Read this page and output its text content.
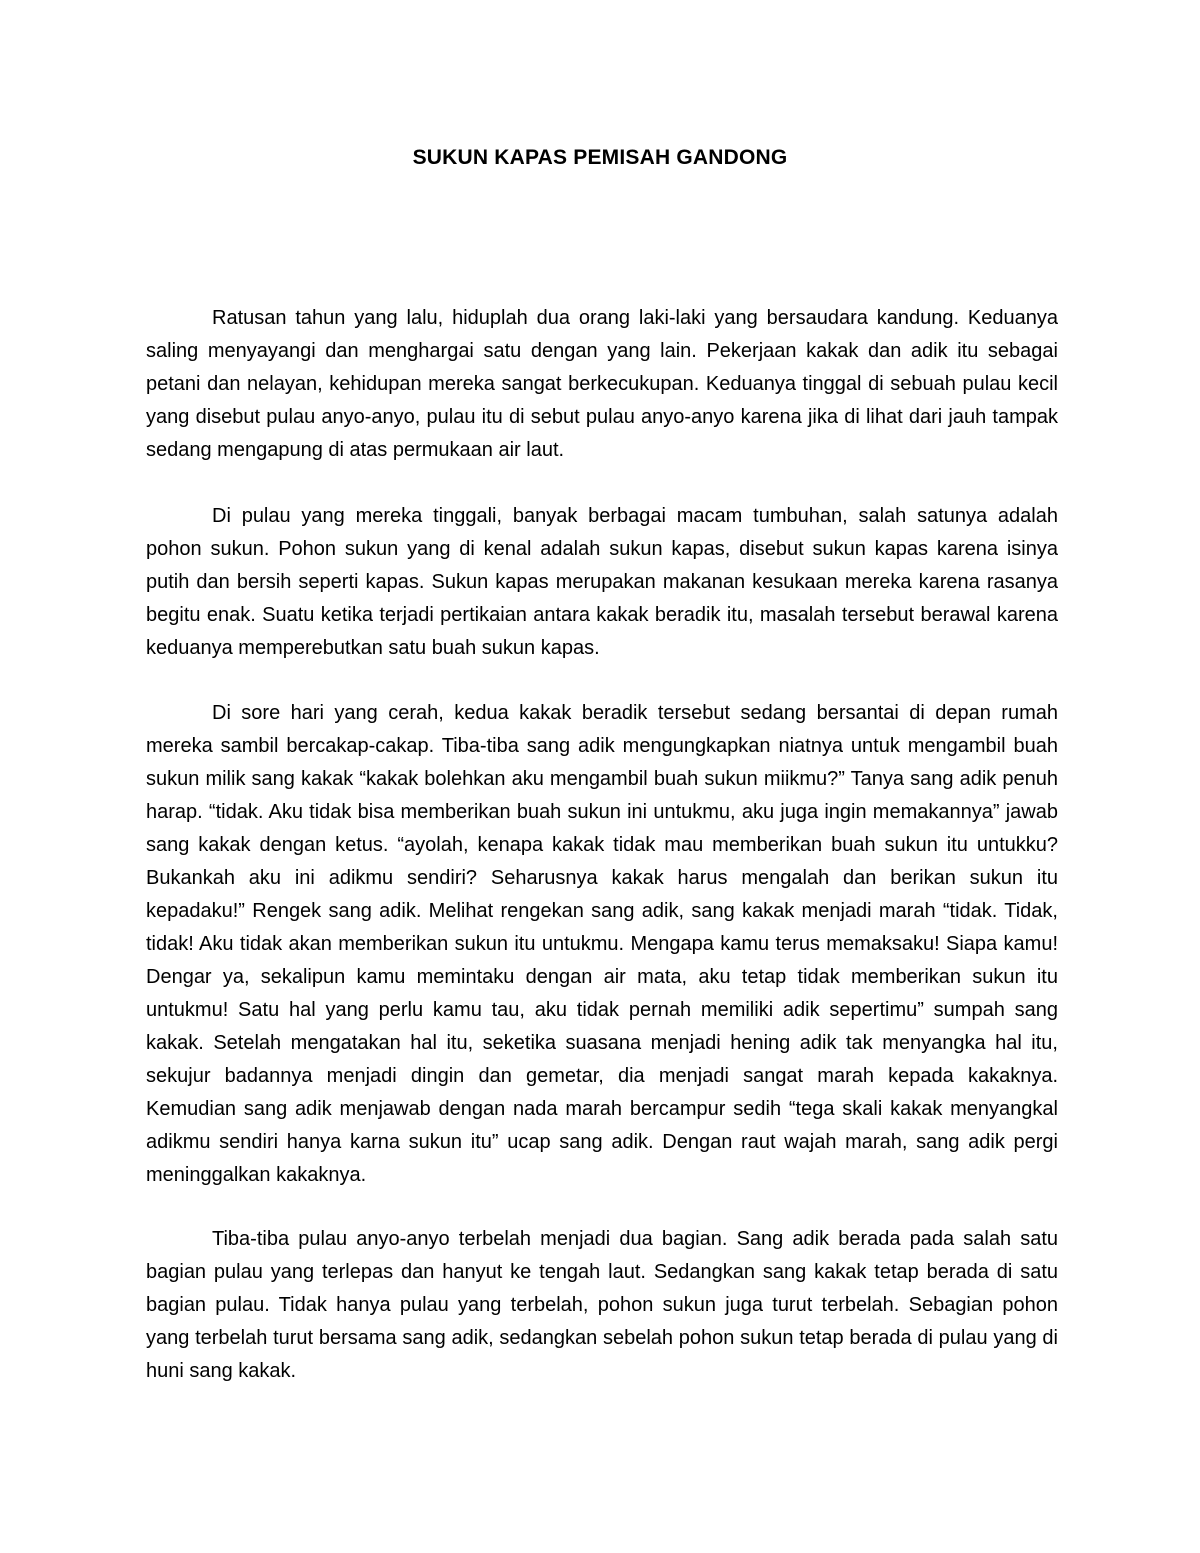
SUKUN KAPAS PEMISAH GANDONG

Ratusan tahun yang lalu, hiduplah dua orang laki-laki yang bersaudara kandung. Keduanya saling menyayangi dan menghargai satu dengan yang lain. Pekerjaan kakak dan adik itu sebagai petani dan nelayan, kehidupan mereka sangat berkecukupan. Keduanya tinggal di sebuah pulau kecil yang disebut pulau anyo-anyo, pulau itu di sebut pulau anyo-anyo karena jika di lihat dari jauh tampak sedang mengapung di atas permukaan air laut.

Di pulau yang mereka tinggali, banyak berbagai macam tumbuhan, salah satunya adalah pohon sukun. Pohon sukun yang di kenal adalah sukun kapas, disebut sukun kapas karena isinya putih dan bersih seperti kapas. Sukun kapas merupakan makanan kesukaan mereka karena rasanya begitu enak. Suatu ketika terjadi pertikaian antara kakak beradik itu, masalah tersebut berawal karena keduanya memperebutkan satu buah sukun kapas.

Di sore hari yang cerah, kedua kakak beradik tersebut sedang bersantai di depan rumah mereka sambil bercakap-cakap. Tiba-tiba sang adik mengungkapkan niatnya untuk mengambil buah sukun milik sang kakak “kakak bolehkan aku mengambil buah sukun miikmu?” Tanya sang adik penuh harap. “tidak. Aku tidak bisa memberikan buah sukun ini untukmu, aku juga ingin memakannya” jawab sang kakak dengan ketus. “ayolah, kenapa kakak tidak mau memberikan buah sukun itu untukku? Bukankah aku ini adikmu sendiri? Seharusnya kakak harus mengalah dan berikan sukun itu kepadaku!” Rengek sang adik. Melihat rengekan sang adik, sang kakak menjadi marah “tidak. Tidak, tidak! Aku tidak akan memberikan sukun itu untukmu. Mengapa kamu terus memaksaku! Siapa kamu! Dengar ya, sekalipun kamu memintaku dengan air mata, aku tetap tidak memberikan sukun itu untukmu! Satu hal yang perlu kamu tau, aku tidak pernah memiliki adik sepertimu” sumpah sang kakak. Setelah mengatakan hal itu, seketika suasana menjadi hening adik tak menyangka hal itu, sekujur badannya menjadi dingin dan gemetar, dia menjadi sangat marah kepada kakaknya. Kemudian sang adik menjawab dengan nada marah bercampur sedih “tega skali kakak menyangkal adikmu sendiri hanya karna sukun itu” ucap sang adik. Dengan raut wajah marah, sang adik pergi meninggalkan kakaknya.

Tiba-tiba pulau anyo-anyo terbelah menjadi dua bagian. Sang adik berada pada salah satu bagian pulau yang terlepas dan hanyut ke tengah laut. Sedangkan sang kakak tetap berada di satu bagian pulau. Tidak hanya pulau yang terbelah, pohon sukun juga turut terbelah. Sebagian pohon yang terbelah turut bersama sang adik, sedangkan sebelah pohon sukun tetap berada di pulau yang di huni sang kakak.
